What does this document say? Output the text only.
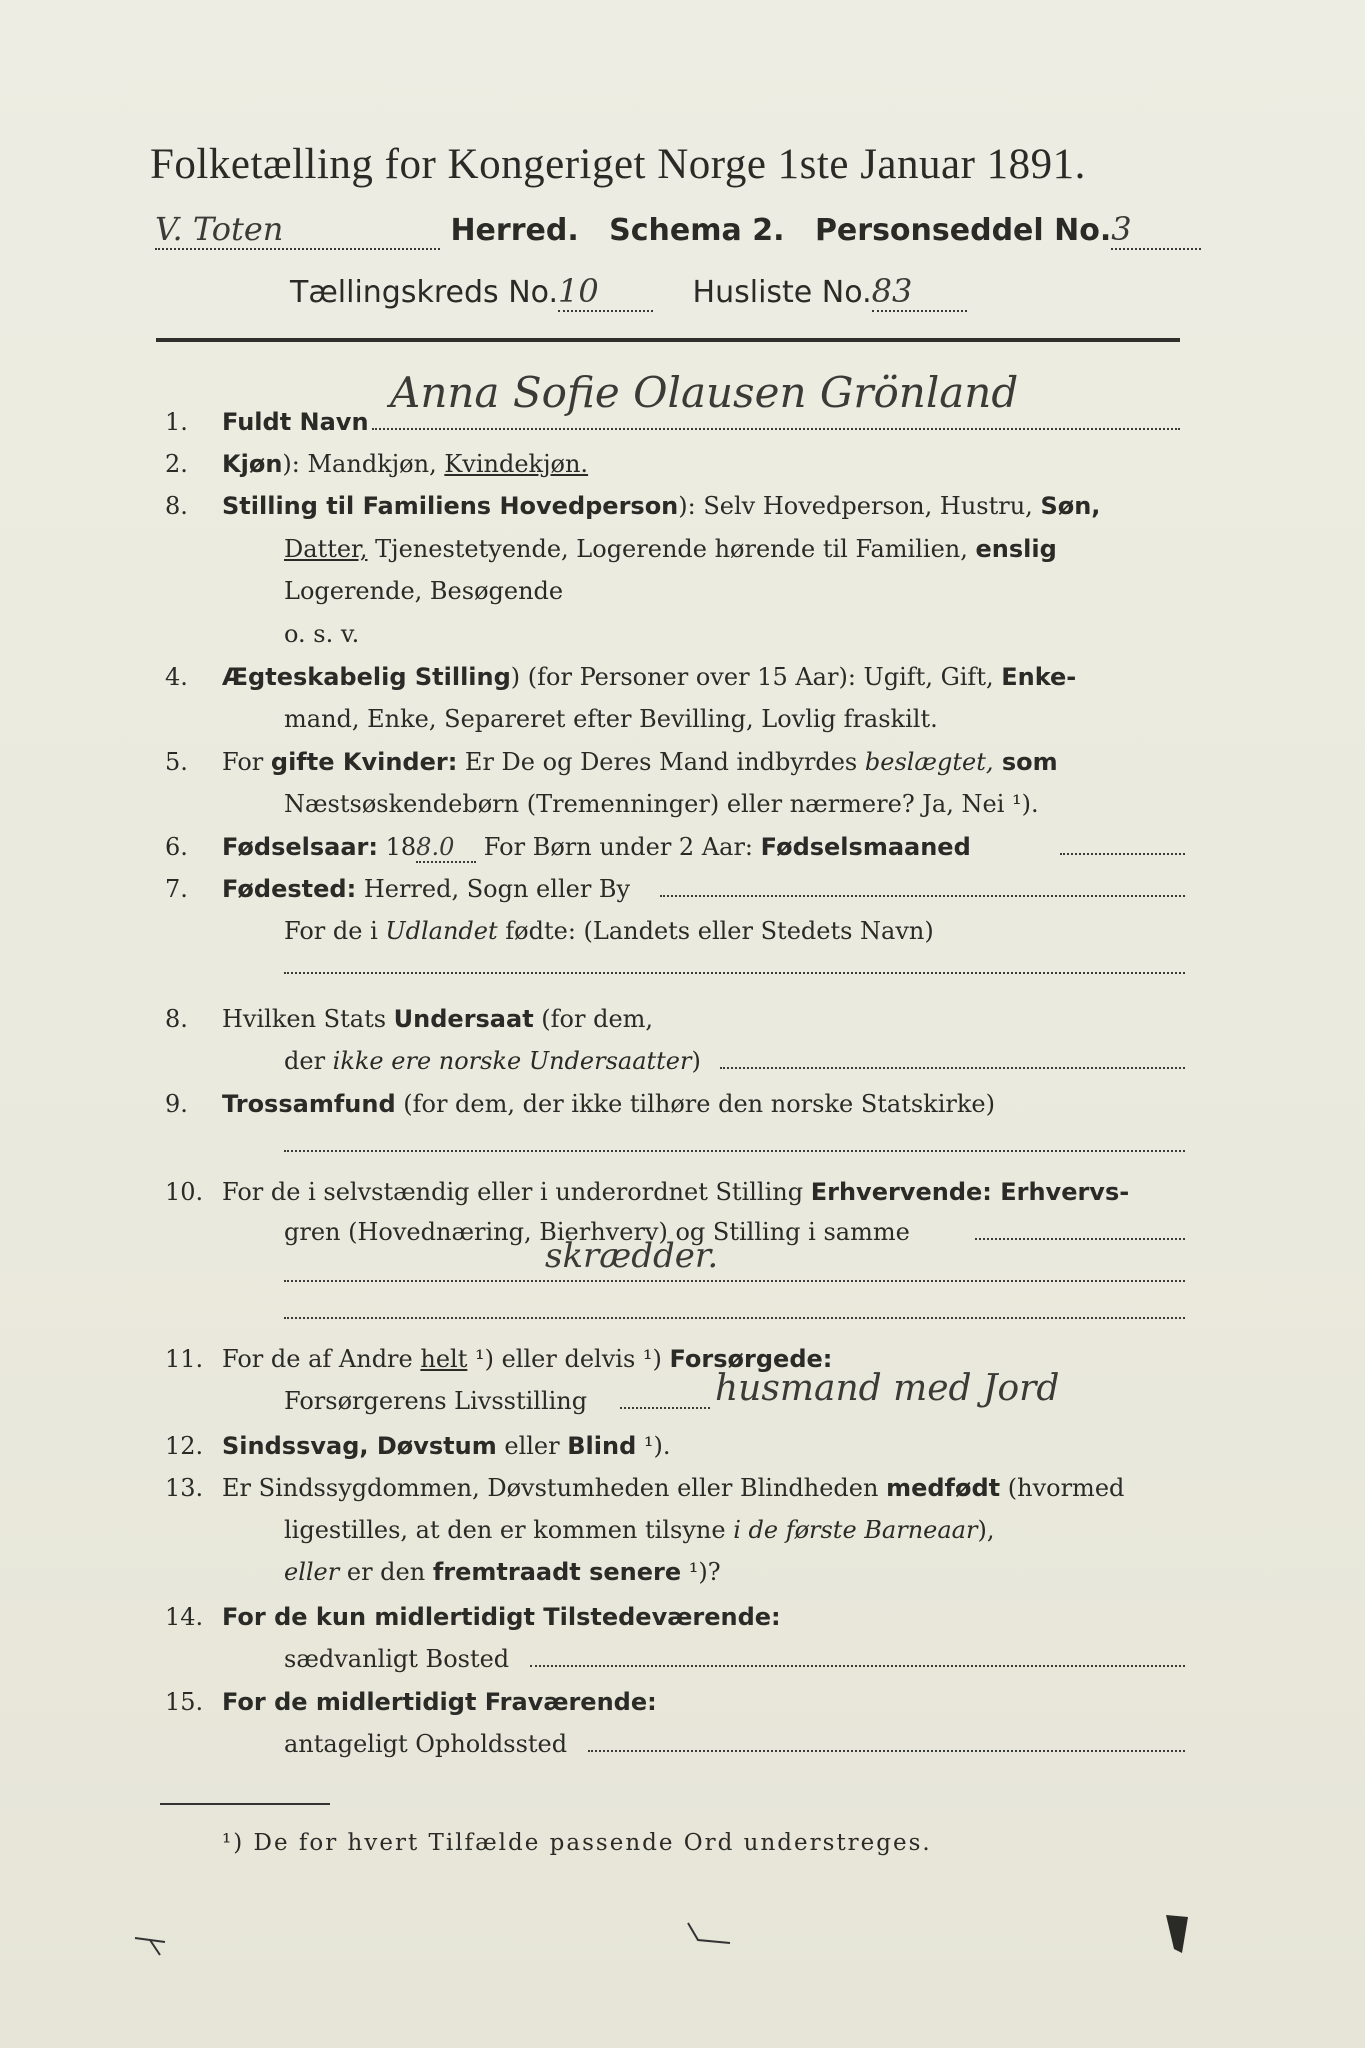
Folketælling for Kongeriget Norge 1ste Januar 1891.
V. Toten	Herred. Schema 2. Personseddel No.3
Tællingskreds No.10	Husliste No.83
1. Fuldt Navn
Anna Sofie Olausen Grönland
2. Kjøn): Mandkjøn, Kvindekjøn.
8. Stilling til Familiens Hovedperson): Selv Hovedperson, Hustru, Søn,
Datter, Tjenestetyende, Logerende hørende til Familien, enslig
Logerende, Besøgende
o. s. v.
4. Ægteskabelig Stilling) (for Personer over 15 Aar): Ugift, Gift, Enke-
mand, Enke, Separeret efter Bevilling, Lovlig fraskilt.
5. For gifte Kvinder: Er De og Deres Mand indbyrdes beslægtet, som
Næstsøskendebørn (Tremenninger) eller nærmere? Ja, Nei ¹).
6. Fødselsaar: 188.0 For Børn under 2 Aar: Fødselsmaaned
7. Fødested: Herred, Sogn eller By
For de i Udlandet fødte: (Landets eller Stedets Navn)
8. Hvilken Stats Undersaat (for dem,
der ikke ere norske Undersaatter)
9. Trossamfund (for dem, der ikke tilhøre den norske Statskirke)
10. For de i selvstændig eller i underordnet Stilling Erhvervende: Erhvervs-
gren (Hovednæring, Bierhverv) og Stilling i samme
skrædder.
11. For de af Andre helt ¹) eller delvis ¹) Forsørgede:
Forsørgerens Livsstilling	husmand med Jord
12. Sindssvag, Døvstum eller Blind ¹).
13. Er Sindssygdommen, Døvstumheden eller Blindheden medfødt (hvormed
ligestilles, at den er kommen tilsyne i de første Barneaar),
eller er den fremtraadt senere ¹)?
14. For de kun midlertidigt Tilstedeværende:
sædvanligt Bosted
15. For de midlertidigt Fraværende:
antageligt Opholdssted
¹) De for hvert Tilfælde passende Ord understreges.
